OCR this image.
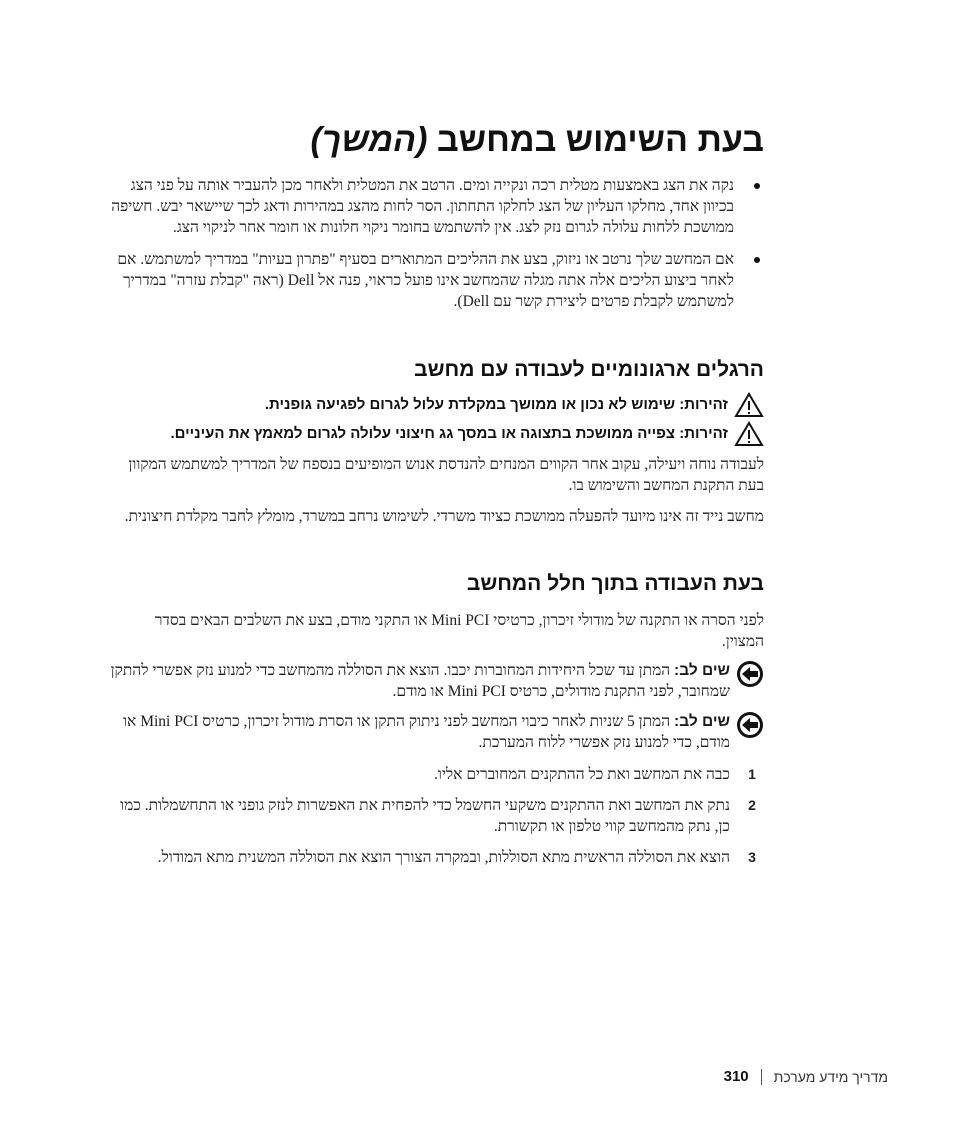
בעת השימוש במחשב (המשך)
נקה את הצג באמצעות מטלית רכה ונקייה ומים. הרטב את המטלית ולאחר מכן להעביר אותה על פני הצג בכיוון אחד, מחלקו העליון של הצג לחלקו התחתון. הסר לחות מהצג במהירות ודאג לכך שיישאר יבש. חשיפה ממושכת ללחות עלולה לגרום נזק לצג. אין להשתמש בחומר ניקוי חלונות או חומר אחר לניקוי הצג.
אם המחשב שלך נרטב או ניזוק, בצע את ההליכים המתוארים בסעיף "פתרון בעיות" במדריך למשתמש. אם לאחר ביצוע הליכים אלה אתה מגלה שהמחשב אינו פועל כראוי, פנה אל Dell (ראה "קבלת עזרה" במדריך למשתמש לקבלת פרטים ליצירת קשר עם Dell).
הרגלים ארגונומיים לעבודה עם מחשב
זהירות: שימוש לא נכון או ממושך במקלדת עלול לגרום לפגיעה גופנית.
זהירות: צפייה ממושכת בתצוגה או במסך גג חיצוני עלולה לגרום למאמץ את העיניים.

לעבודה נוחה ויעילה, עקוב אחר הקווים המנחים להנדסת אנוש המופיעים בנספח של המדריך למשתמש המקוון בעת התקנת המחשב והשימוש בו.

מחשב נייד זה אינו מיועד להפעלה ממושכת כציוד משרדי. לשימוש נרחב במשרד, מומלץ לחבר מקלדת חיצונית.

בעת העבודה בתוך חלל המחשב

לפני הסרה או התקנה של מודולי זיכרון, כרטיסי Mini PCI או התקני מודם, בצע את השלבים הבאים בסדר המצוין.

שים לב: המתן עד שכל היחידות המחוברות יכבו. הוצא את הסוללה מהמחשב כדי למנוע נזק אפשרי להתקן שמחובר, לפני התקנת מודולים, כרטיס Mini PCI או מודם.
שים לב: המתן 5 שניות לאחר כיבוי המחשב לפני ניתוק התקן או הסרת מודול זיכרון, כרטיס Mini PCI או מודם, כדי למנוע נזק אפשרי ללוח המערכת.
1
כבה את המחשב ואת כל ההתקנים המחוברים אליו.
2
נתק את המחשב ואת ההתקנים משקעי החשמל כדי להפחית את האפשרות לנזק גופני או התחשמלות. כמו כן, נתק מהמחשב קווי טלפון או תקשורת.
3
הוצא את הסוללה הראשית מתא הסוללות, ובמקרה הצורך הוצא את הסוללה המשנית מתא המודול.
מדריך מידע מערכת
310
